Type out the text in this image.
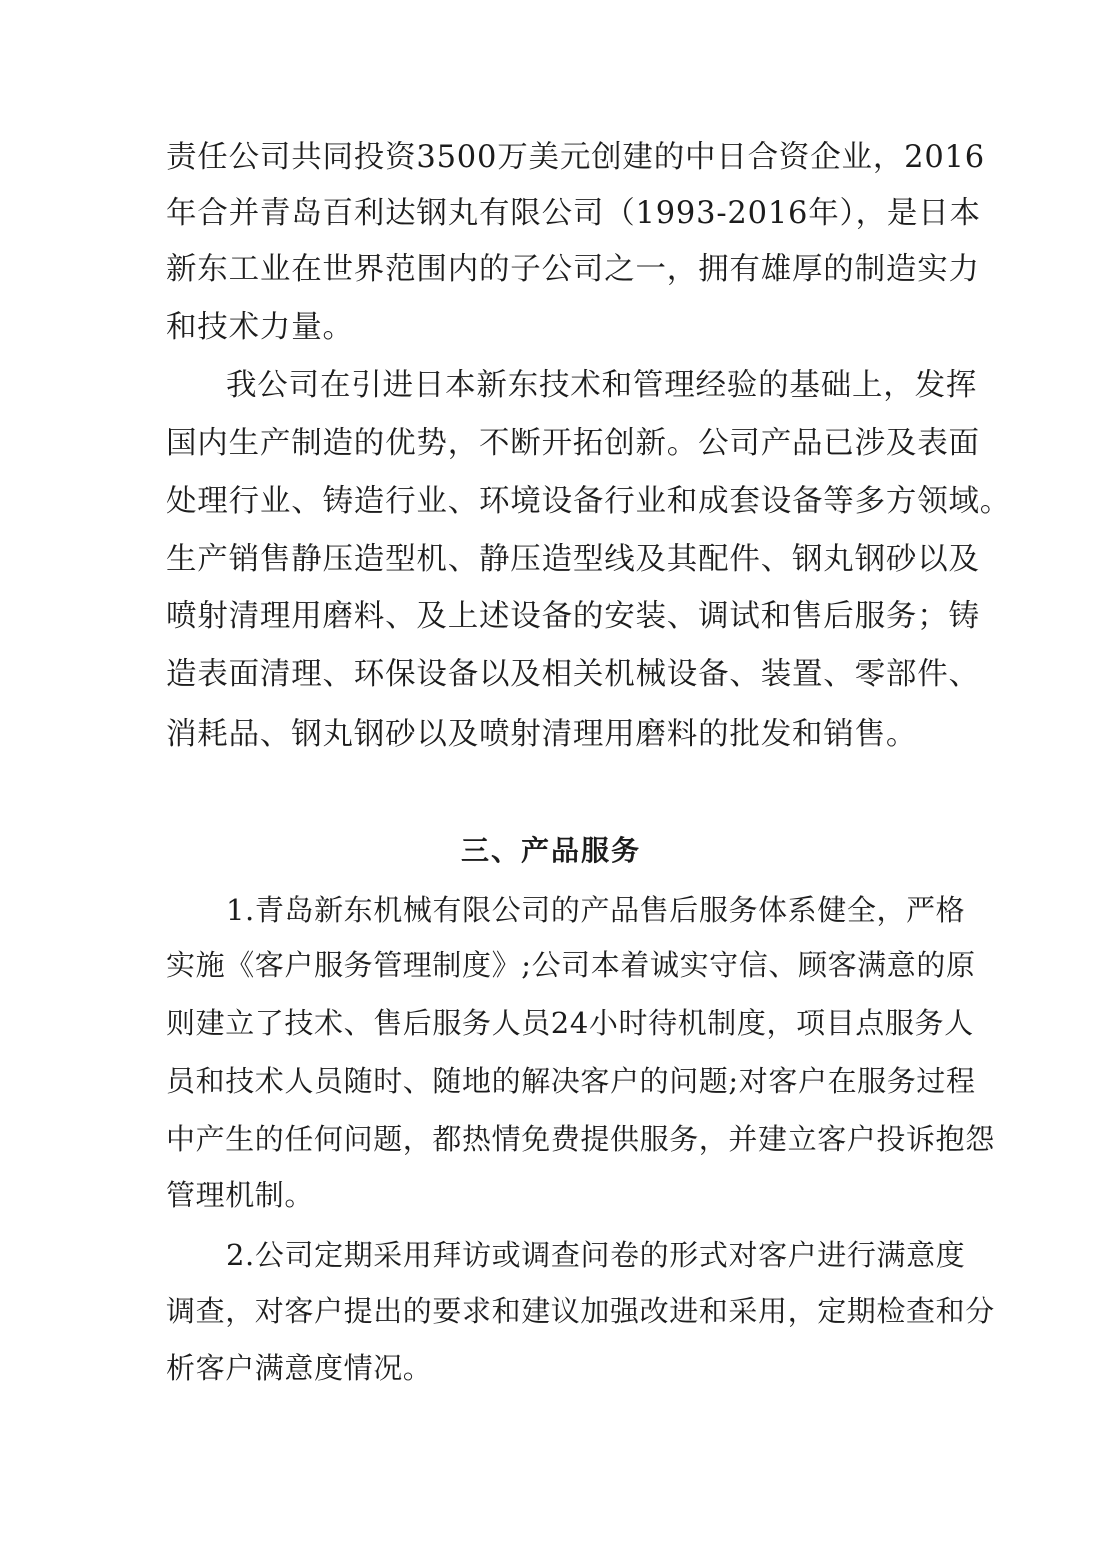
责任公司共同投资3500万美元创建的中日合资企业，2016
年合并青岛百利达钢丸有限公司（1993-2016年），是日本
新东工业在世界范围内的子公司之一，拥有雄厚的制造实力
和技术力量。
我公司在引进日本新东技术和管理经验的基础上，发挥
国内生产制造的优势，不断开拓创新。公司产品已涉及表面
处理行业、铸造行业、环境设备行业和成套设备等多方领域。
生产销售静压造型机、静压造型线及其配件、钢丸钢砂以及
喷射清理用磨料、及上述设备的安装、调试和售后服务；铸
造表面清理、环保设备以及相关机械设备、装置、零部件、
消耗品、钢丸钢砂以及喷射清理用磨料的批发和销售。
三、产品服务
1.青岛新东机械有限公司的产品售后服务体系健全，严格
实施《客户服务管理制度》;公司本着诚实守信、顾客满意的原
则建立了技术、售后服务人员24小时待机制度，项目点服务人
员和技术人员随时、随地的解决客户的问题;对客户在服务过程
中产生的任何问题，都热情免费提供服务，并建立客户投诉抱怨
管理机制。
2.公司定期采用拜访或调查问卷的形式对客户进行满意度
调查，对客户提出的要求和建议加强改进和采用，定期检查和分
析客户满意度情况。
